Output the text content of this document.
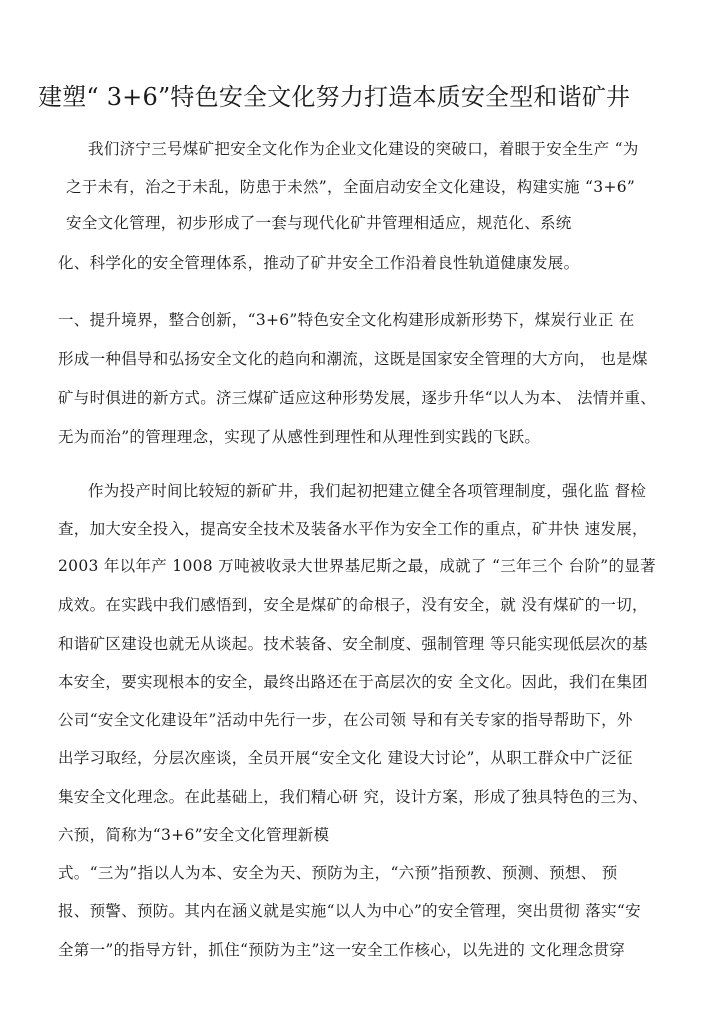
建塑“ 3+6”特色安全文化努力打造本质安全型和谐矿井

我们济宁三号煤矿把安全文化作为企业文化建设的突破口，着眼于安全生产 “为

之于未有，治之于未乱，防患于未然”，全面启动安全文化建设，构建实施 “3+6”

安全文化管理，初步形成了一套与现代化矿井管理相适应，规范化、系统

化、科学化的安全管理体系，推动了矿井安全工作沿着良性轨道健康发展。

一、提升境界，整合创新，“3+6”特色安全文化构建形成新形势下，煤炭行业正 在

形成一种倡导和弘扬安全文化的趋向和潮流，这既是国家安全管理的大方向， 也是煤

矿与时俱进的新方式。济三煤矿适应这种形势发展，逐步升华“以人为本、 法情并重、

无为而治”的管理理念，实现了从感性到理性和从理性到实践的飞跃。

作为投产时间比较短的新矿井，我们起初把建立健全各项管理制度，强化监 督检

查，加大安全投入，提高安全技术及装备水平作为安全工作的重点，矿井快 速发展，

2003 年以年产 1008 万吨被收录大世界基尼斯之最，成就了 “三年三个 台阶”的显著

成效。在实践中我们感悟到，安全是煤矿的命根子，没有安全，就 没有煤矿的一切，

和谐矿区建设也就无从谈起。技术装备、安全制度、强制管理 等只能实现低层次的基

本安全，要实现根本的安全，最终出路还在于高层次的安 全文化。因此，我们在集团

公司“安全文化建设年”活动中先行一步，在公司领 导和有关专家的指导帮助下，外

出学习取经，分层次座谈，全员开展“安全文化 建设大讨论”，从职工群众中广泛征

集安全文化理念。在此基础上，我们精心研 究，设计方案，形成了独具特色的三为、

六预，简称为“3+6”安全文化管理新模

式。“三为”指以人为本、安全为天、预防为主，“六预”指预教、预测、预想、 预

报、预警、预防。其内在涵义就是实施“以人为中心”的安全管理，突出贯彻 落实“安

全第一”的指导方针，抓住“预防为主”这一安全工作核心，以先进的 文化理念贯穿
